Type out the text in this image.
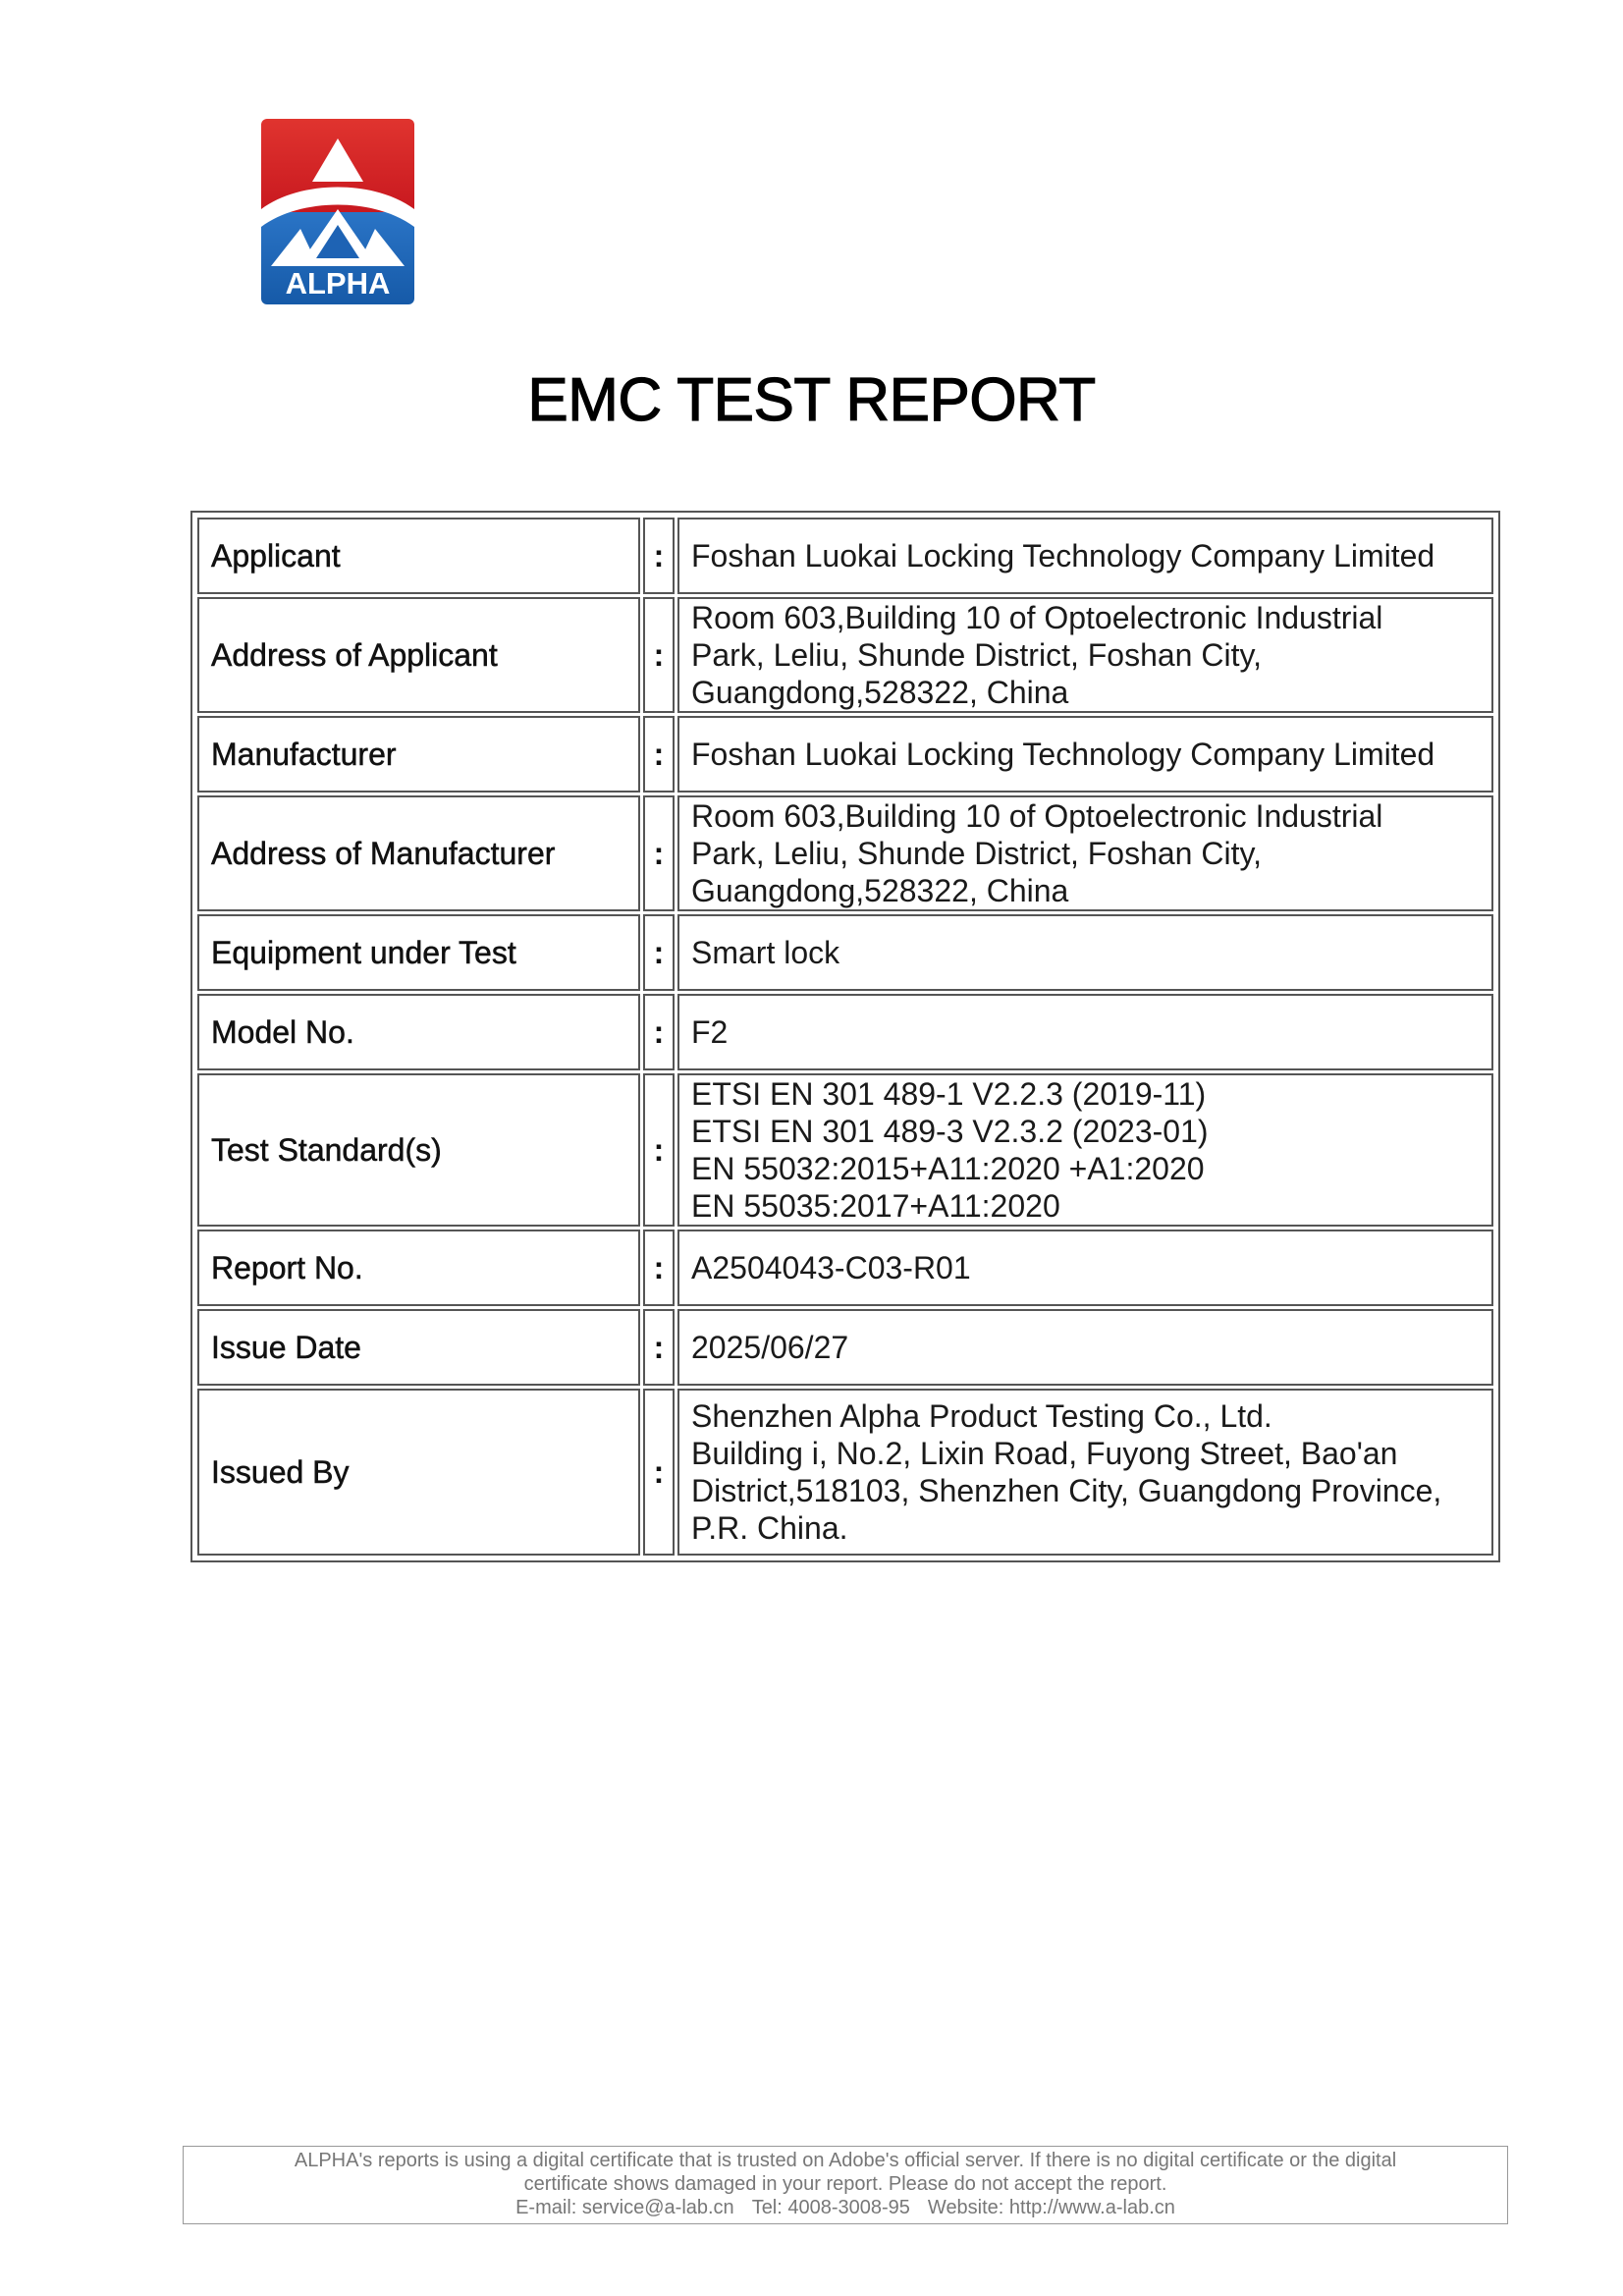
ALPHA
EMC TEST REPORT
Applicant	:	Foshan Luokai Locking Technology Company Limited

Address of Applicant	:	Room 603,Building 10 of Optoelectronic Industrial
Park, Leliu, Shunde District, Foshan City,
Guangdong,528322, China

Manufacturer	:	Foshan Luokai Locking Technology Company Limited

Address of Manufacturer	:	Room 603,Building 10 of Optoelectronic Industrial
Park, Leliu, Shunde District, Foshan City,
Guangdong,528322, China

Equipment under Test	:	Smart lock

Model No.	:	F2

Test Standard(s)	:	ETSI EN 301 489-1 V2.2.3 (2019-11)
ETSI EN 301 489-3 V2.3.2 (2023-01)
EN 55032:2015+A11:2020 +A1:2020
EN 55035:2017+A11:2020

Report No.	:	A2504043-C03-R01

Issue Date	:	2025/06/27

Issued By	:	Shenzhen Alpha Product Testing Co., Ltd.
Building i, No.2, Lixin Road, Fuyong Street, Bao'an
District,518103, Shenzhen City, Guangdong Province,
P.R. China.
ALPHA's reports is using a digital certificate that is trusted on Adobe's official server. If there is no digital certificate or the digital
certificate shows damaged in your report. Please do not accept the report.
E-mail: service@a-lab.cn Tel: 4008-3008-95 Website: http://www.a-lab.cn
